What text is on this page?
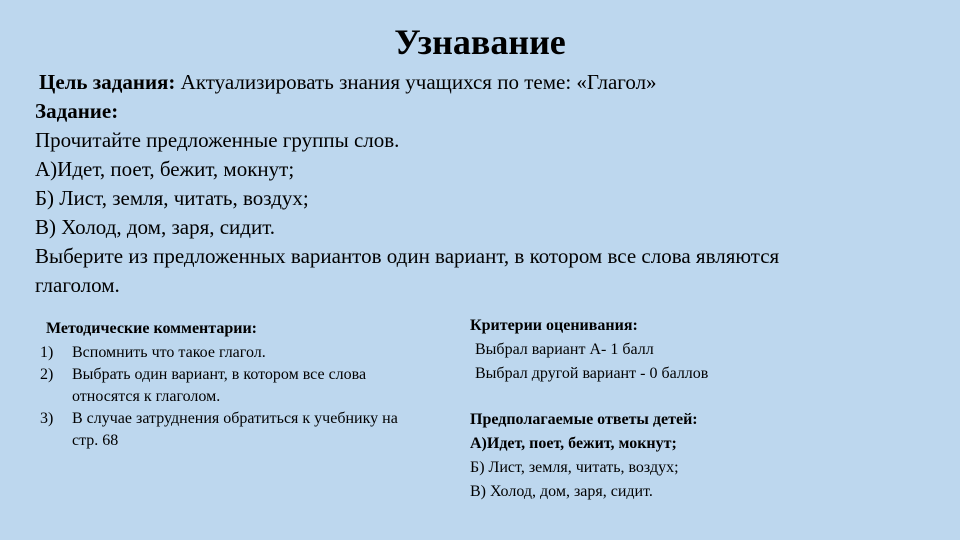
Узнавание
Цель задания: Актуализировать знания учащихся по теме: «Глагол»
Задание:
Прочитайте предложенные группы слов.
А)Идет, поет, бежит, мокнут;
Б) Лист, земля, читать, воздух;
В) Холод, дом, заря, сидит.
Выберите из предложенных вариантов один вариант, в котором все слова являются
глаголом.
Методические комментарии:
1)	Вспомнить что такое глагол.
2)	Выбрать один вариант, в котором все слова относятся к глаголом.
3)	В случае затруднения обратиться к учебнику на стр. 68
Критерии оценивания:
Выбрал вариант А- 1 балл
Выбрал другой вариант - 0 баллов
Предполагаемые ответы детей:
А)Идет, поет, бежит, мокнут;
Б) Лист, земля, читать, воздух;
В) Холод, дом, заря, сидит.
